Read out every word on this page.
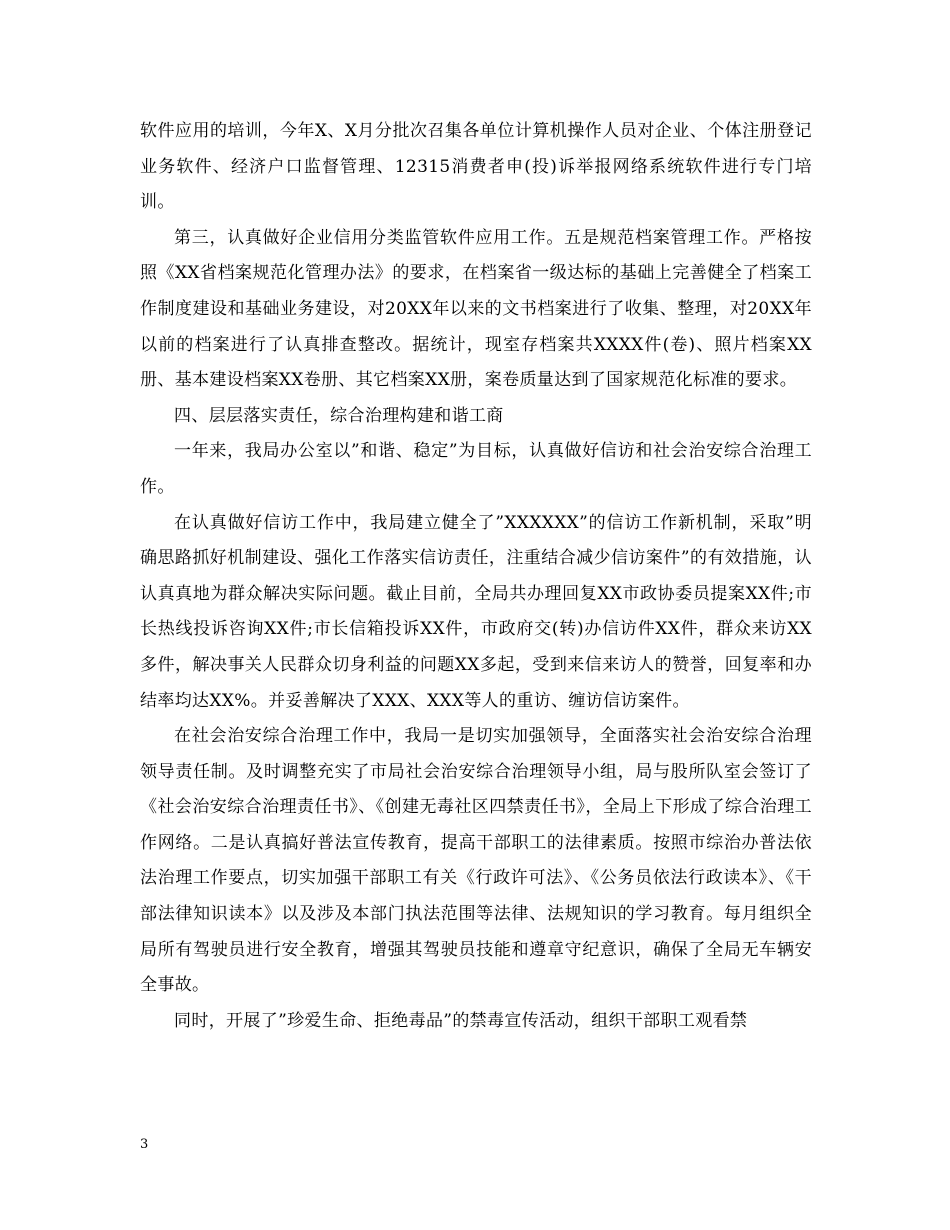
软件应用的培训，今年X、X月分批次召集各单位计算机操作人员对企业、个体注册登记业务软件、经济户口监督管理、12315消费者申(投)诉举报网络系统软件进行专门培训。

第三，认真做好企业信用分类监管软件应用工作。五是规范档案管理工作。严格按照《XX省档案规范化管理办法》的要求，在档案省一级达标的基础上完善健全了档案工作制度建设和基础业务建设，对20XX年以来的文书档案进行了收集、整理，对20XX年以前的档案进行了认真排查整改。据统计，现室存档案共XXXX件(卷)、照片档案XX册、基本建设档案XX卷册、其它档案XX册，案卷质量达到了国家规范化标准的要求。

四、层层落实责任，综合治理构建和谐工商

一年来，我局办公室以”和谐、稳定”为目标，认真做好信访和社会治安综合治理工作。

在认真做好信访工作中，我局建立健全了”XXXXXX”的信访工作新机制，采取”明确思路抓好机制建设、强化工作落实信访责任，注重结合减少信访案件”的有效措施，认认真真地为群众解决实际问题。截止目前，全局共办理回复XX市政协委员提案XX件;市长热线投诉咨询XX件;市长信箱投诉XX件，市政府交(转)办信访件XX件，群众来访XX多件，解决事关人民群众切身利益的问题XX多起，受到来信来访人的赞誉，回复率和办结率均达XX%。并妥善解决了XXX、XXX等人的重访、缠访信访案件。

在社会治安综合治理工作中，我局一是切实加强领导，全面落实社会治安综合治理领导责任制。及时调整充实了市局社会治安综合治理领导小组，局与股所队室会签订了《社会治安综合治理责任书》、《创建无毒社区四禁责任书》，全局上下形成了综合治理工作网络。二是认真搞好普法宣传教育，提高干部职工的法律素质。按照市综治办普法依法治理工作要点，切实加强干部职工有关《行政许可法》、《公务员依法行政读本》、《干部法律知识读本》以及涉及本部门执法范围等法律、法规知识的学习教育。每月组织全局所有驾驶员进行安全教育，增强其驾驶员技能和遵章守纪意识，确保了全局无车辆安全事故。

同时，开展了”珍爱生命、拒绝毒品”的禁毒宣传活动，组织干部职工观看禁

3
